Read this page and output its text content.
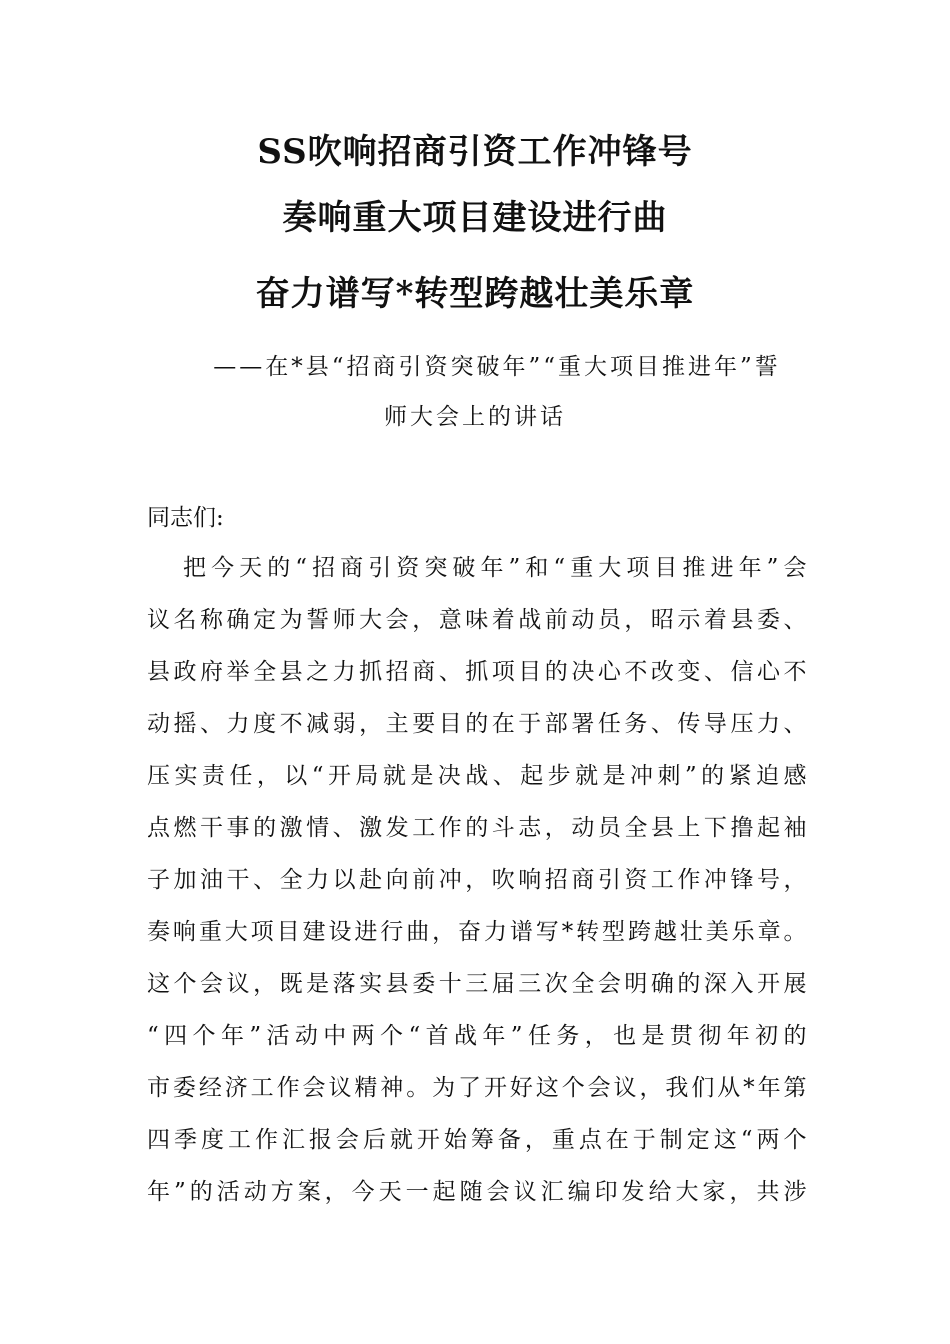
SS吹响招商引资工作冲锋号
奏响重大项目建设进行曲
奋力谱写*转型跨越壮美乐章
——在*县“招商引资突破年”“重大项目推进年”誓
师大会上的讲话
同志们:
把今天的“招商引资突破年”和“重大项目推进年”会
议名称确定为誓师大会，意味着战前动员，昭示着县委、
县政府举全县之力抓招商、抓项目的决心不改变、信心不
动摇、力度不减弱，主要目的在于部署任务、传导压力、
压实责任，以“开局就是决战、起步就是冲刺”的紧迫感
点燃干事的激情、激发工作的斗志，动员全县上下撸起袖
子加油干、全力以赴向前冲，吹响招商引资工作冲锋号，
奏响重大项目建设进行曲，奋力谱写*转型跨越壮美乐章。
这个会议，既是落实县委十三届三次全会明确的深入开展
“四个年”活动中两个“首战年”任务，也是贯彻年初的
市委经济工作会议精神。为了开好这个会议，我们从*年第
四季度工作汇报会后就开始筹备，重点在于制定这“两个
年”的活动方案，今天一起随会议汇编印发给大家，共涉
